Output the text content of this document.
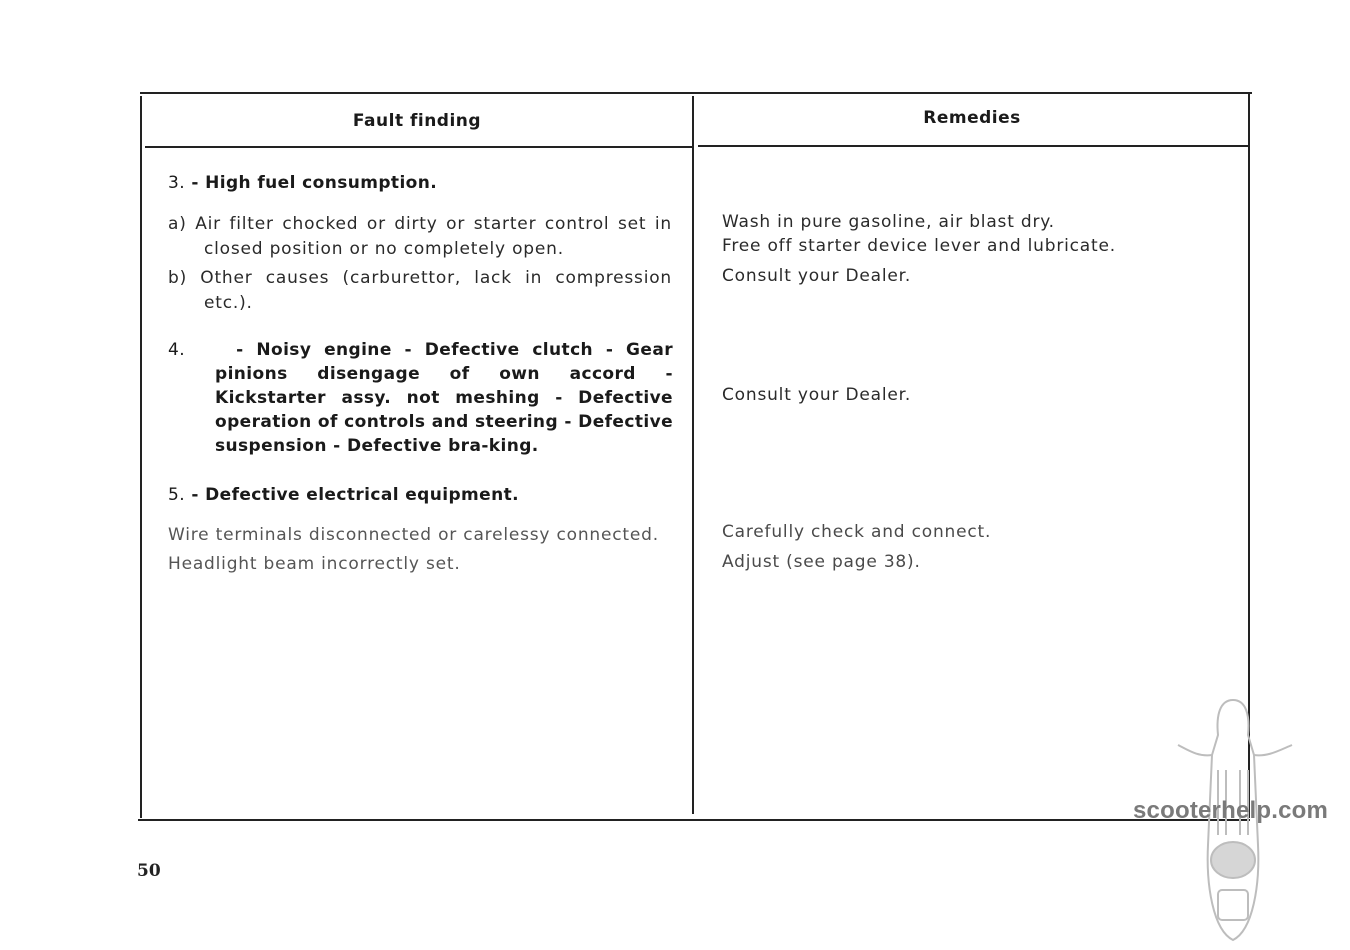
Fault finding	Remedies
3. - High fuel consumption.
a) Air filter chocked or dirty or starter control set in closed position or no completely open.
b) Other causes (carburettor, lack in compression etc.).
4.	- Noisy engine - Defective clutch - Gear pinions disengage of own accord - Kickstarter assy. not meshing - Defective operation of controls and steering - Defective suspension - Defective bra-king.
5. - Defective electrical equipment.
Wire terminals disconnected or carelessy connected.
Headlight beam incorrectly set.
Wash in pure gasoline, air blast dry.
Free off starter device lever and lubricate.
Consult your Dealer.
Consult your Dealer.
Carefully check and connect.
Adjust (see page 38).
50
scooterhelp.com
